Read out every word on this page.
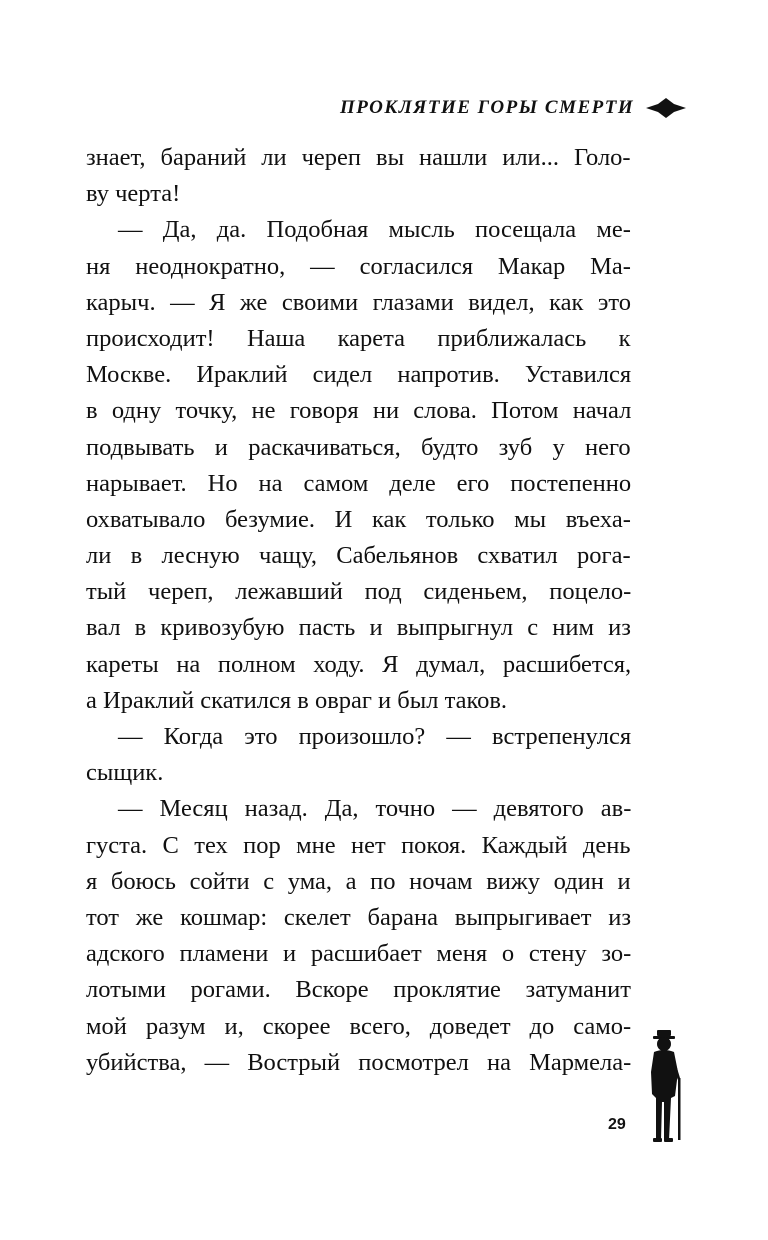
ПРОКЛЯТИЕ ГОРЫ СМЕРТИ
знает, бараний ли череп вы нашли или... Голо-
ву черта!
— Да, да. Подобная мысль посещала ме-
ня неоднократно, — согласился Макар Ма-
карыч. — Я же своими глазами видел, как это
происходит! Наша карета приближалась к
Москве. Ираклий сидел напротив. Уставился
в одну точку, не говоря ни слова. Потом начал
подвывать и раскачиваться, будто зуб у него
нарывает. Но на самом деле его постепенно
охватывало безумие. И как только мы въеха-
ли в лесную чащу, Сабельянов схватил рога-
тый череп, лежавший под сиденьем, поцело-
вал в кривозубую пасть и выпрыгнул с ним из
кареты на полном ходу. Я думал, расшибется,
а Ираклий скатился в овраг и был таков.
— Когда это произошло? — встрепенулся
сыщик.
— Месяц назад. Да, точно — девятого ав-
густа. С тех пор мне нет покоя. Каждый день
я боюсь сойти с ума, а по ночам вижу один и
тот же кошмар: скелет барана выпрыгивает из
адского пламени и расшибает меня о стену зо-
лотыми рогами. Вскоре проклятие затуманит
мой разум и, скорее всего, доведет до само-
убийства, — Вострый посмотрел на Мармела-
29
